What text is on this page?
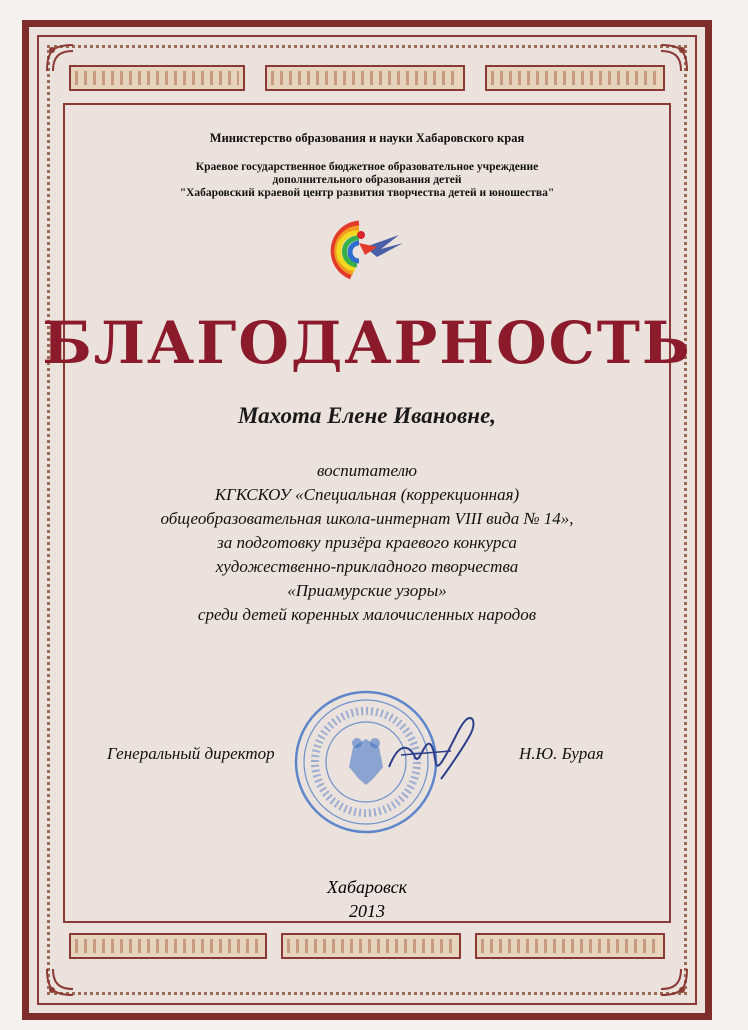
Министерство образования и науки Хабаровского края
Краевое государственное бюджетное образовательное учреждение
дополнительного образования детей
"Хабаровский краевой центр развития творчества детей и юношества"
БЛАГОДАРНОСТЬ
Махота Елене Ивановне,
воспитателю
КГКСКОУ «Специальная (коррекционная)
общеобразовательная школа-интернат VIII вида № 14»,
за подготовку призёра краевого конкурса
художественно-прикладного творчества
«Приамурские узоры»
среди детей коренных малочисленных народов
Генеральный директор	Н.Ю. Бурая
Хабаровск
2013
